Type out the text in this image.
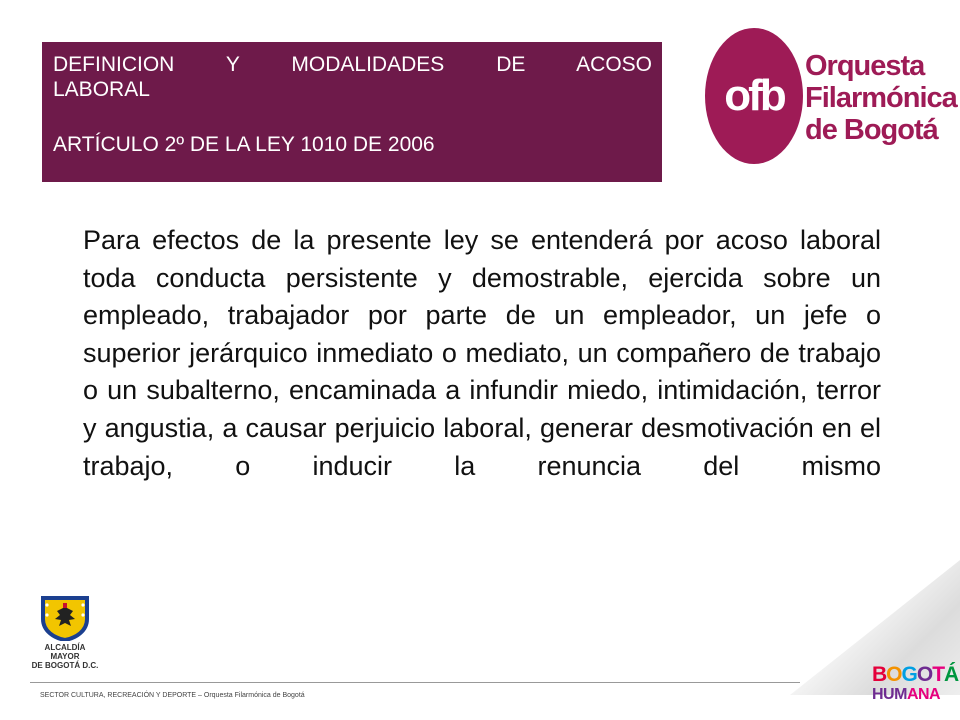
DEFINICION Y MODALIDADES DE ACOSO
LABORAL
ARTÍCULO 2º DE LA LEY 1010 DE 2006
ofb
Orquesta
Filarmónica
de Bogotá
Para efectos de la presente ley se entenderá por acoso laboral toda conducta persistente y demostrable, ejercida sobre un empleado, trabajador por parte de un empleador, un jefe o superior jerárquico inmediato o mediato, un compañero de trabajo o un subalterno, encaminada a infundir miedo, intimidación, terror y angustia, a causar perjuicio laboral, generar desmotivación en el trabajo, o inducir la renuncia del mismo
ALCALDÍA MAYOR
DE BOGOTÁ D.C.
SECTOR CULTURA, RECREACIÓN Y DEPORTE – Orquesta Filarmónica de Bogotá
BOGOTÁ
HUMANA
